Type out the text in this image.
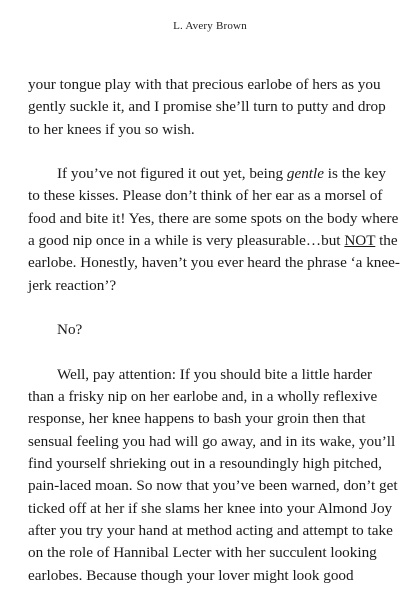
L. Avery Brown

your tongue play with that precious earlobe of hers as you gently suckle it, and I promise she’ll turn to putty and drop to her knees if you so wish.

If you’ve not figured it out yet, being gentle is the key to these kisses. Please don’t think of her ear as a morsel of food and bite it! Yes, there are some spots on the body where a good nip once in a while is very pleasurable…but NOT the earlobe. Honestly, haven’t you ever heard the phrase ‘a knee-jerk reaction’?

No?

Well, pay attention: If you should bite a little harder than a frisky nip on her earlobe and, in a wholly reflexive response, her knee happens to bash your groin then that sensual feeling you had will go away, and in its wake, you’ll find yourself shrieking out in a resoundingly high pitched, pain-laced moan. So now that you’ve been warned, don’t get ticked off at her if she slams her knee into your Almond Joy after you try your hand at method acting and attempt to take on the role of Hannibal Lecter with her succulent looking earlobes. Because though your lover might look good
